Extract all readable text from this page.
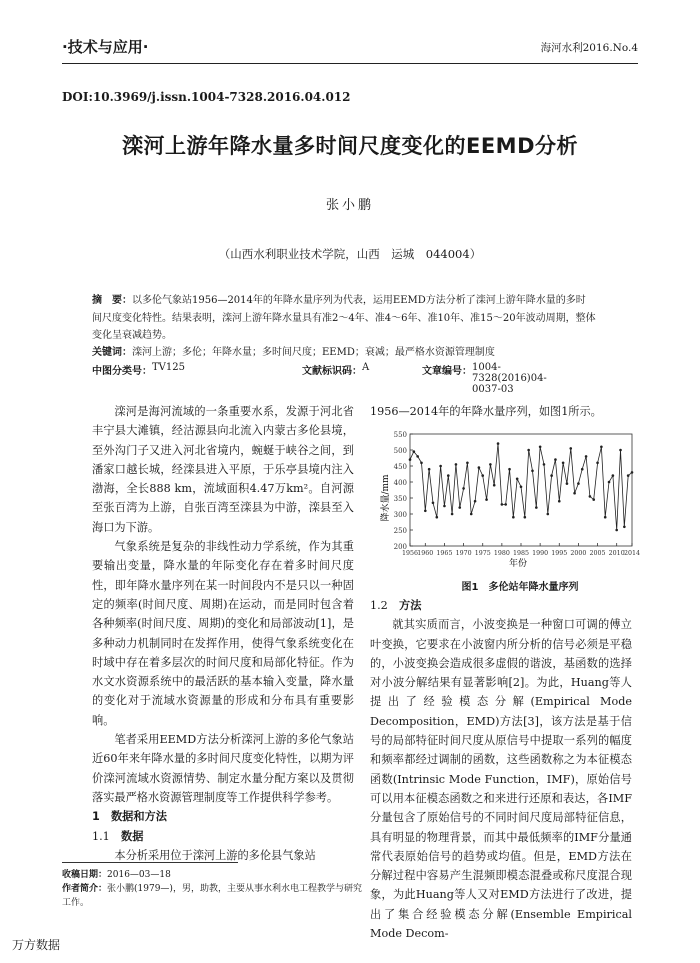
·技术与应用·	海河水利2016.No.4
DOI:10.3969/j.issn.1004-7328.2016.04.012
滦河上游年降水量多时间尺度变化的EEMD分析
张小鹏
（山西水利职业技术学院，山西　运城　044004）
摘　要：以多伦气象站1956—2014年的年降水量序列为代表，运用EEMD方法分析了滦河上游年降水量的多时
间尺度变化特性。结果表明，滦河上游年降水量具有准2～4年、准4～6年、准10年、准15～20年波动周期，整体
变化呈衰减趋势。
关键词：滦河上游；多伦；年降水量；多时间尺度；EEMD；衰减；最严格水资源管理制度
中图分类号： TV125	文献标识码： A	文章编号： 1004-7328(2016)04-0037-03

滦河是海河流域的一条重要水系，发源于河北省丰宁县大滩镇，经沽源县向北流入内蒙古多伦县境，至外沟门子又进入河北省境内，蜿蜒于峡谷之间，到潘家口越长城，经滦县进入平原，于乐亭县境内注入渤海，全长888 km，流域面积4.47万km²。自河源至张百湾为上游，自张百湾至滦县为中游，滦县至入海口为下游。

气象系统是复杂的非线性动力学系统，作为其重要输出变量，降水量的年际变化存在着多时间尺度性，即年降水量序列在某一时间段内不是只以一种固定的频率(时间尺度、周期)在运动，而是同时包含着各种频率(时间尺度、周期)的变化和局部波动[1]，是多种动力机制同时在发挥作用，使得气象系统变化在时域中存在着多层次的时间尺度和局部化特征。作为水文水资源系统中的最活跃的基本输入变量，降水量的变化对于流域水资源量的形成和分布具有重要影响。

笔者采用EEMD方法分析滦河上游的多伦气象站近60年来年降水量的多时间尺度变化特性，以期为评价滦河流域水资源情势、制定水量分配方案以及贯彻落实最严格水资源管理制度等工作提供科学参考。

1　数据和方法

1.1　 数据

本分析采用位于滦河上游的多伦县气象站

1956—2014年的年降水量序列，如图1所示。

200
250
300
350
400
450
500
550
1956 1960 1965 1970 1975 1980 1985 1990 1995 2000 2005 2010 2014
降水量/mm
年份
图1　多伦站年降水量序列

1.2　 方法

就其实质而言，小波变换是一种窗口可调的傅立叶变换，它要求在小波窗内所分析的信号必须是平稳的，小波变换会造成很多虚假的谐波，基函数的选择对小波分解结果有显著影响[2]。为此，Huang等人提出了经验模态分解(Empirical Mode Decomposition，EMD)方法[3]，该方法是基于信号的局部特征时间尺度从原信号中提取一系列的幅度和频率都经过调制的函数，这些函数称之为本征模态函数(Intrinsic Mode Function，IMF)，原始信号可以用本征模态函数之和来进行还原和表达，各IMF分量包含了原始信号的不同时间尺度局部特征信息，具有明显的物理背景，而其中最低频率的IMF分量通常代表原始信号的趋势或均值。但是，EMD方法在分解过程中容易产生混频即模态混叠或称尺度混合现象，为此Huang等人又对EMD方法进行了改进，提出了集合经验模态分解(Ensemble Empirical Mode Decom-

收稿日期：2016—03—18
作者简介：张小鹏(1979—)，男，助教，主要从事水利水电工程教学与研究工作。
万方数据
